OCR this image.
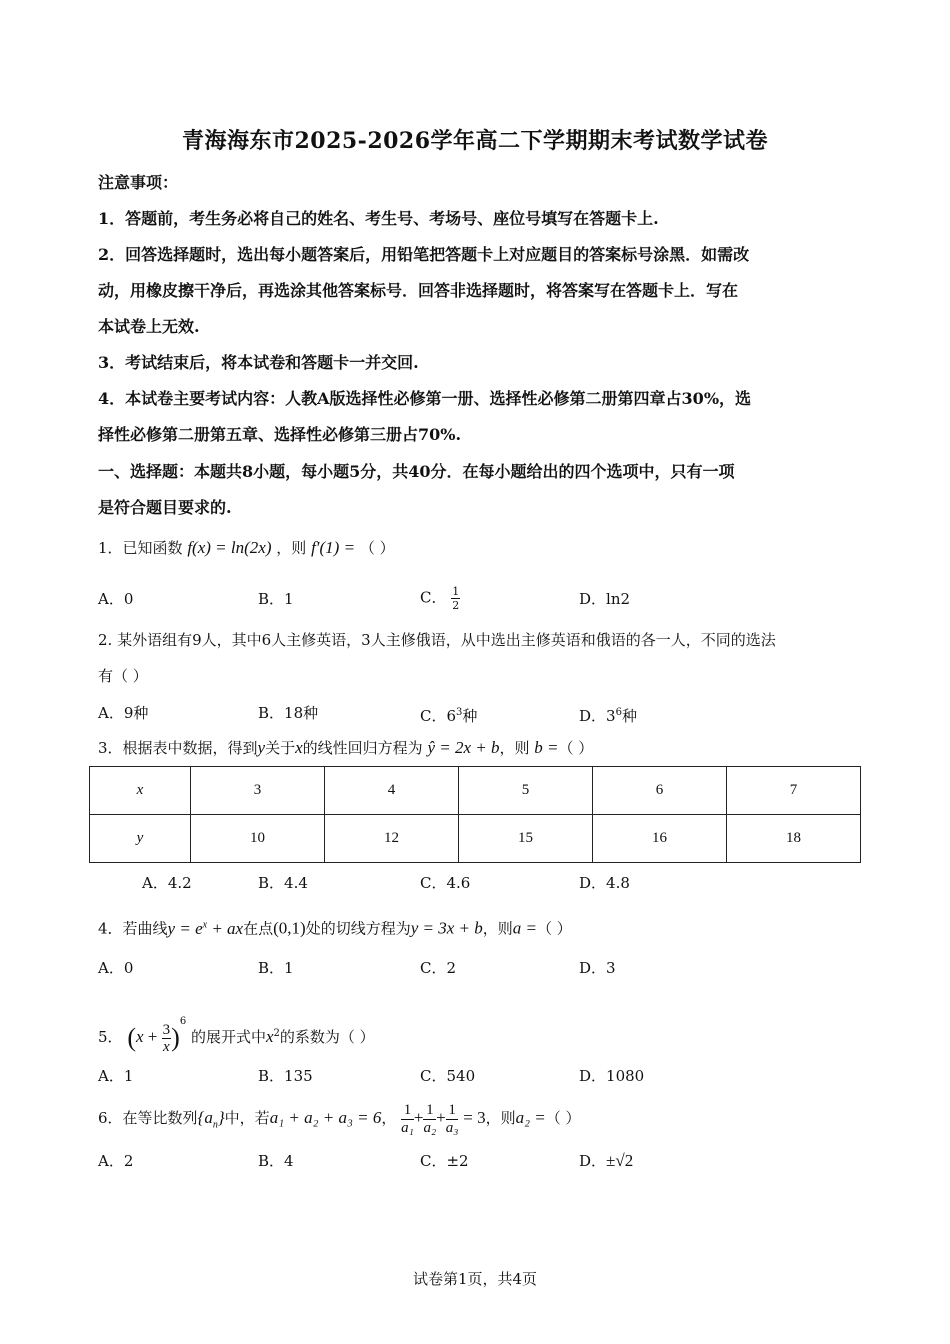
青海海东市2025-2026学年高二下学期期末考试数学试卷
注意事项：
1．答题前，考生务必将自己的姓名、考生号、考场号、座位号填写在答题卡上.
2．回答选择题时，选出每小题答案后，用铅笔把答题卡上对应题目的答案标号涂黑．如需改
动，用橡皮擦干净后，再选涂其他答案标号．回答非选择题时，将答案写在答题卡上．写在
本试卷上无效.
3．考试结束后，将本试卷和答题卡一并交回.
4．本试卷主要考试内容：人教A版选择性必修第一册、选择性必修第二册第四章占30%，选
择性必修第二册第五章、选择性必修第三册占70%.
一、选择题：本题共8小题，每小题5分，共40分．在每小题给出的四个选项中，只有一项
是符合题目要求的.
1．已知函数 f(x) = ln(2x) ，则 f′(1) = （ ）
A．0	B．1	C． $\frac{1}{2}$	D．ln2
2. 某外语组有9人，其中6人主修英语，3人主修俄语，从中选出主修英语和俄语的各一人，不同的选法
有（ ）
A．9种	B．18种	C．$6^3$种	D．$3^6$种
3．根据表中数据，得到y关于x的线性回归方程为 ŷ = 2x + b，则 b =（ ）
x	3	4	5	6	7
y	10	12	15	16	18
A．4.2	B．4.4	C．4.6	D．4.8
4．若曲线$y = e^x$ + ax在点(0,1)处的切线方程为y = 3x + b，则a =（ ）
A．0	B．1	C．2	D．3
5． $(x + \frac{3}{x} )^6$ 的展开式中$x^2$的系数为（ ）
A．1	B．135	C．540	D．1080
6．在等比数列$\{a_n\}$中，若a₁ + a₂ + a₃ = 6， $\frac{1}{\text{a₁}} + \frac{1}{\text{a₂}} + \frac{1}{\text{a₃}} = 3$，则a₂ =（ ）
A．2	B．4	C．±2	D．±√2
试卷第1页，共4页
